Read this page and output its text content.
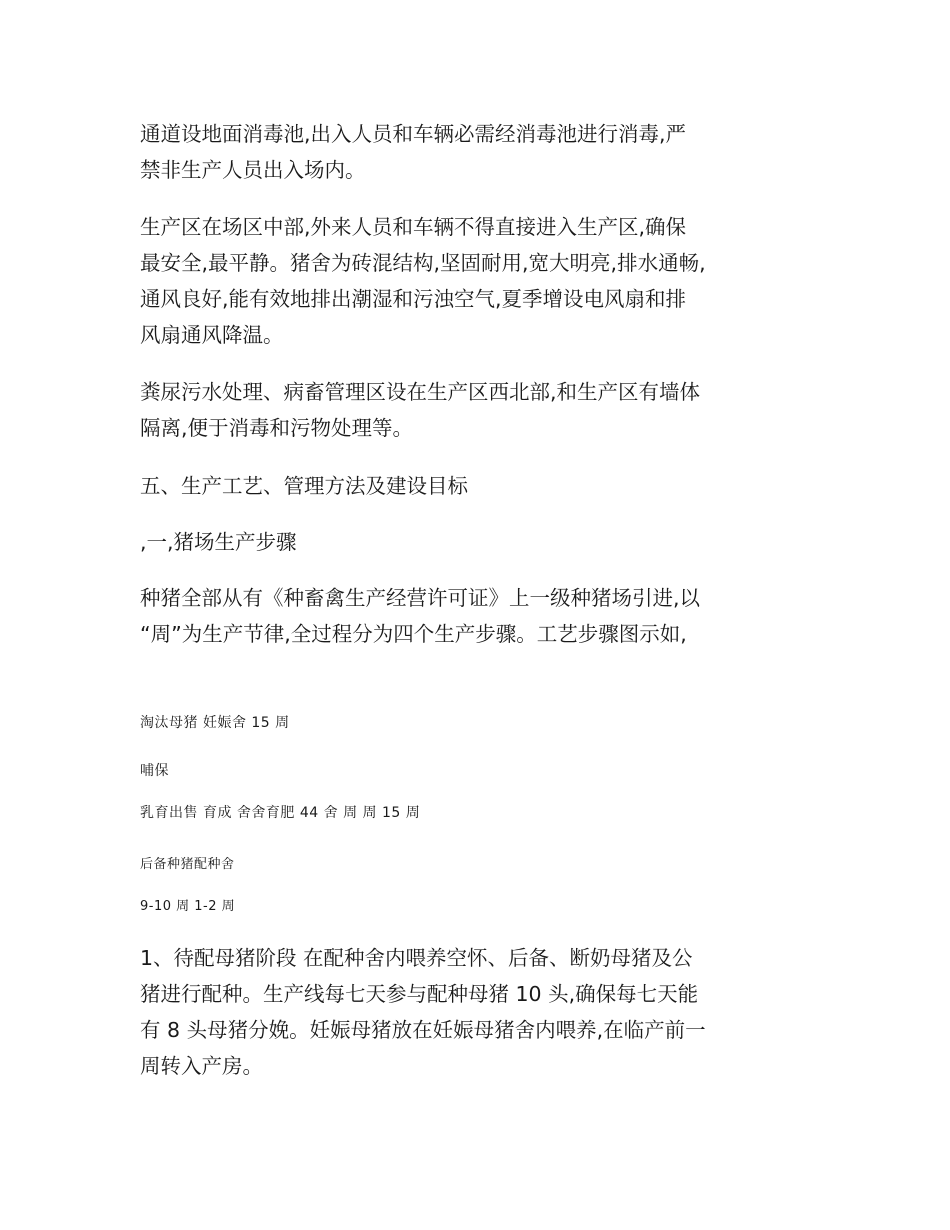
通道设地面消毒池,出入人员和车辆必需经消毒池进行消毒,严
禁非生产人员出入场内。

生产区在场区中部,外来人员和车辆不得直接进入生产区,确保
最安全,最平静。猪舍为砖混结构,坚固耐用,宽大明亮,排水通畅,
通风良好,能有效地排出潮湿和污浊空气,夏季增设电风扇和排
风扇通风降温。

粪尿污水处理、病畜管理区设在生产区西北部,和生产区有墙体
隔离,便于消毒和污物处理等。

五、生产工艺、管理方法及建设目标

,一,猪场生产步骤

种猪全部从有《种畜禽生产经营许可证》上一级种猪场引进,以
“周”为生产节律,全过程分为四个生产步骤。工艺步骤图示如,

淘汰母猪 妊娠舍 15 周

哺保

乳育出售 育成 舍舍育肥 44 舍 周 周 15 周

后备种猪配种舍

9-10 周 1-2 周

1、待配母猪阶段 在配种舍内喂养空怀、后备、断奶母猪及公
猪进行配种。生产线每七天参与配种母猪 10 头,确保每七天能
有 8 头母猪分娩。妊娠母猪放在妊娠母猪舍内喂养,在临产前一
周转入产房。
